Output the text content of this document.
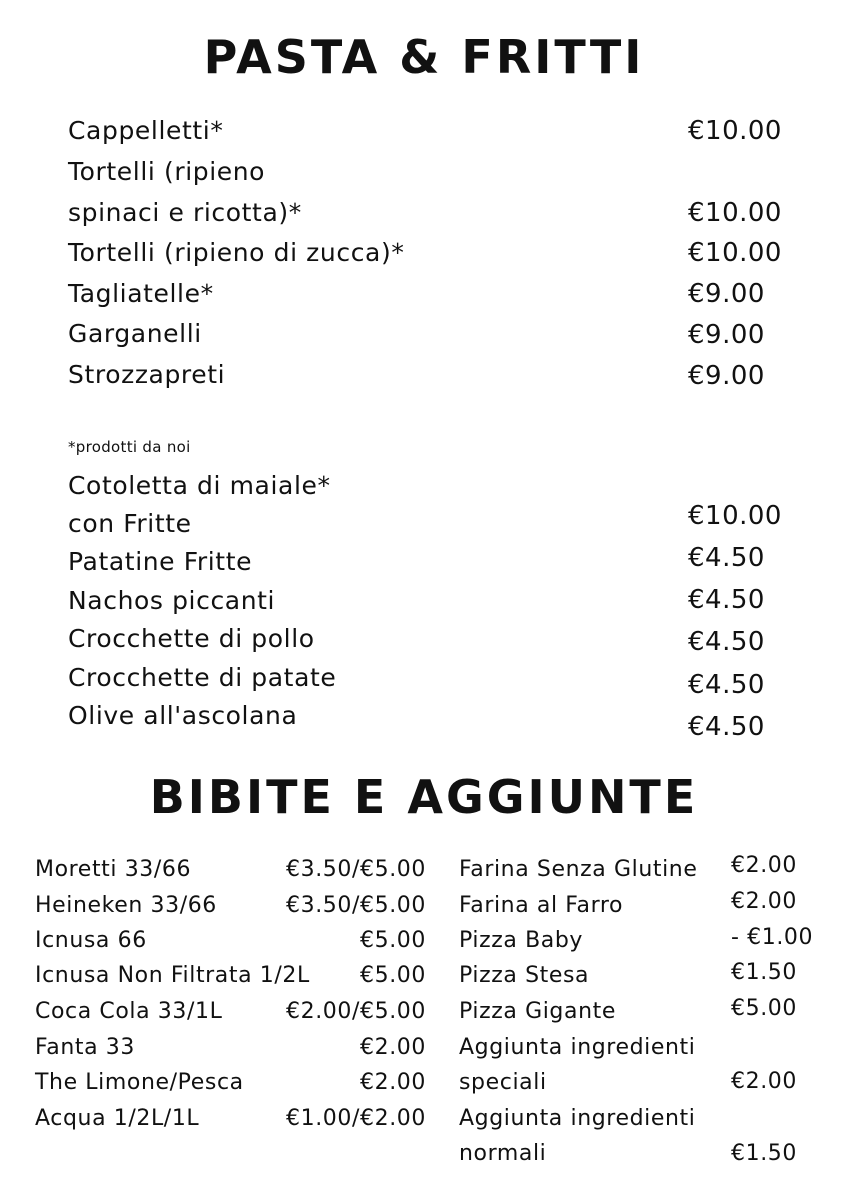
PASTA & FRITTI
Cappelletti*
Tortelli (ripieno
spinaci e ricotta)*
Tortelli (ripieno di zucca)*
Tagliatelle*
Garganelli
Strozzapreti
€10.00
€10.00
€10.00
€9.00
€9.00
€9.00
*prodotti da noi
Cotoletta di maiale*
con Fritte
Patatine Fritte
Nachos piccanti
Crocchette di pollo
Crocchette di patate
Olive all'ascolana
€10.00
€4.50
€4.50
€4.50
€4.50
€4.50
BIBITE E AGGIUNTE
Moretti 33/66
Heineken 33/66
Icnusa 66
Icnusa Non Filtrata 1/2L
Coca Cola 33/1L
Fanta 33
The Limone/Pesca
Acqua 1/2L/1L
€3.50/€5.00
€3.50/€5.00
€5.00
€5.00
€2.00/€5.00
€2.00
€2.00
€1.00/€2.00
Farina Senza Glutine
Farina al Farro
Pizza Baby
Pizza Stesa
Pizza Gigante
Aggiunta ingredienti
speciali
Aggiunta ingredienti
normali
€2.00
€2.00
- €1.00
€1.50
€5.00
€2.00
€1.50
